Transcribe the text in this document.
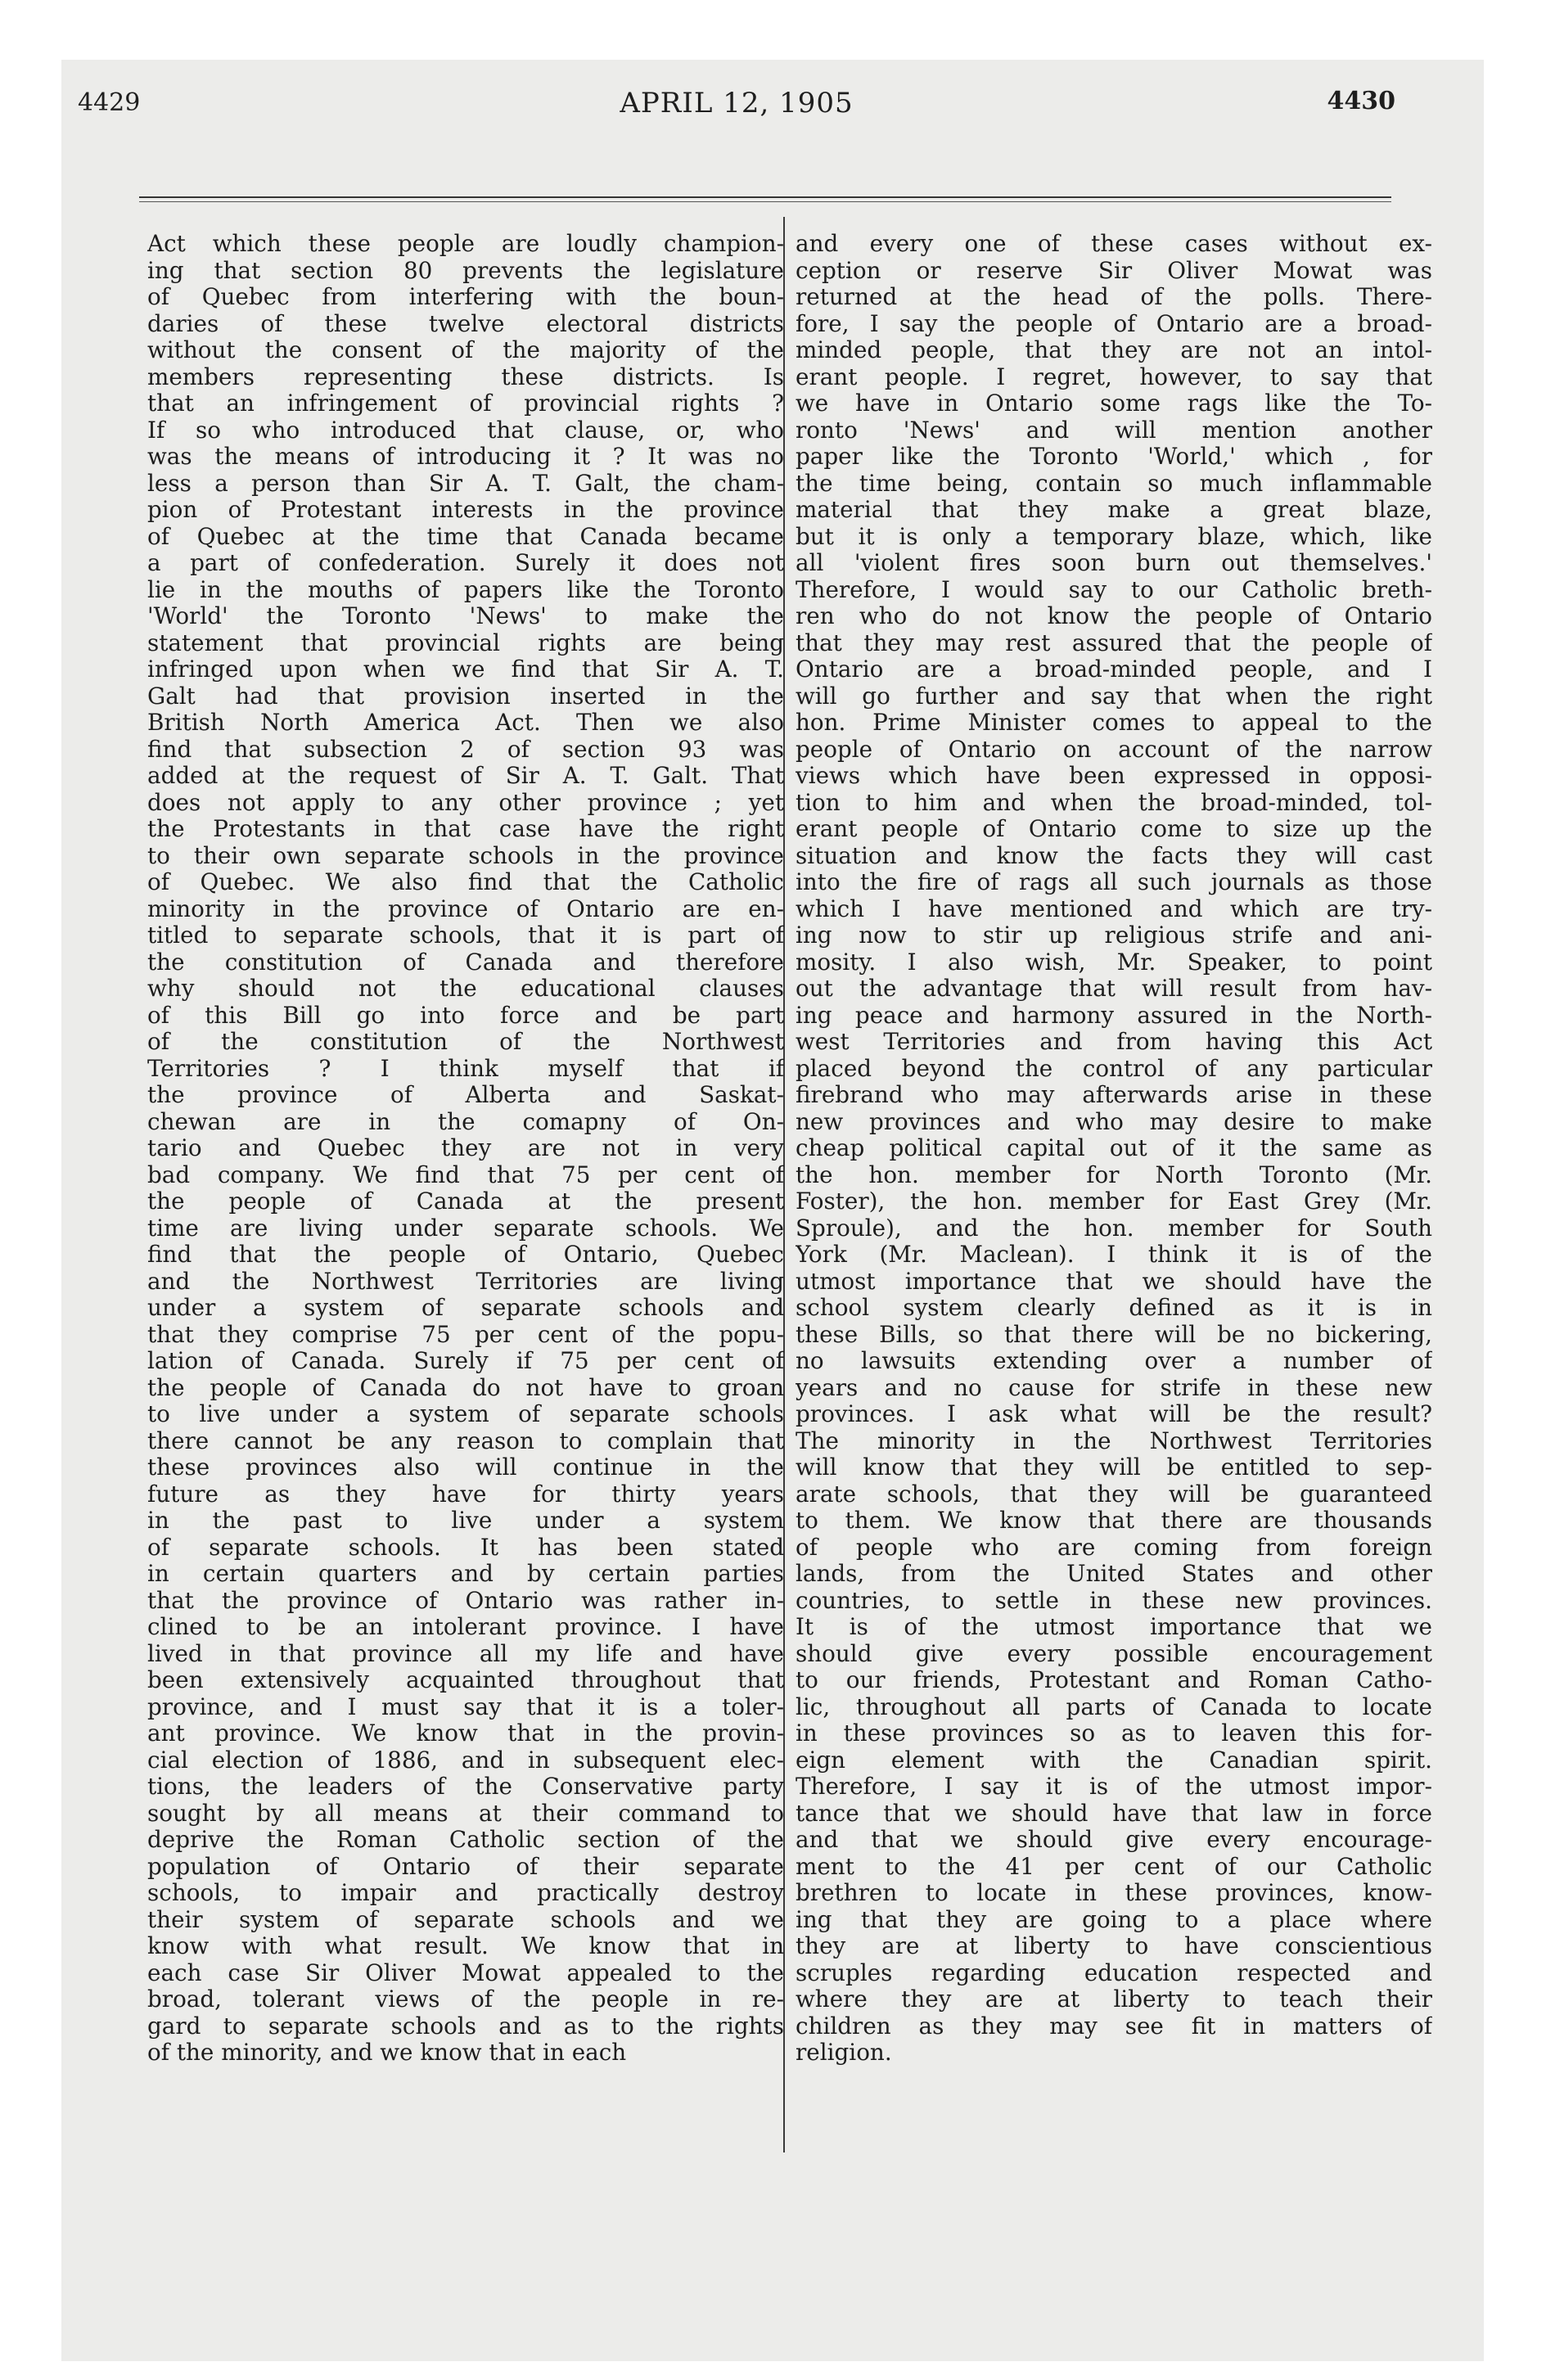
4429	APRIL 12, 1905	4430
Act which these people are loudly champion-
ing that section 80 prevents the legislature
of Quebec from interfering with the boun-
daries of these twelve electoral districts
without the consent of the majority of the
members representing these districts. Is
that an infringement of provincial rights ?
If so who introduced that clause, or, who
was the means of introducing it ? It was no
less a person than Sir A. T. Galt, the cham-
pion of Protestant interests in the province
of Quebec at the time that Canada became
a part of confederation. Surely it does not
lie in the mouths of papers like the Toronto
'World' the Toronto 'News' to make the
statement that provincial rights are being
infringed upon when we find that Sir A. T.
Galt had that provision inserted in the
British North America Act. Then we also
find that subsection 2 of section 93 was
added at the request of Sir A. T. Galt. That
does not apply to any other province ; yet
the Protestants in that case have the right
to their own separate schools in the province
of Quebec. We also find that the Catholic
minority in the province of Ontario are en-
titled to separate schools, that it is part of
the constitution of Canada and therefore
why should not the educational clauses
of this Bill go into force and be part
of the constitution of the Northwest
Territories ? I think myself that if
the province of Alberta and Saskat-
chewan are in the comapny of On-
tario and Quebec they are not in very
bad company. We find that 75 per cent of
the people of Canada at the present
time are living under separate schools. We
find that the people of Ontario, Quebec
and the Northwest Territories are living
under a system of separate schools and
that they comprise 75 per cent of the popu-
lation of Canada. Surely if 75 per cent of
the people of Canada do not have to groan
to live under a system of separate schools
there cannot be any reason to complain that
these provinces also will continue in the
future as they have for thirty years
in the past to live under a system
of separate schools. It has been stated
in certain quarters and by certain parties
that the province of Ontario was rather in-
clined to be an intolerant province. I have
lived in that province all my life and have
been extensively acquainted throughout that
province, and I must say that it is a toler-
ant province. We know that in the provin-
cial election of 1886, and in subsequent elec-
tions, the leaders of the Conservative party
sought by all means at their command to
deprive the Roman Catholic section of the
population of Ontario of their separate
schools, to impair and practically destroy
their system of separate schools and we
know with what result. We know that in
each case Sir Oliver Mowat appealed to the
broad, tolerant views of the people in re-
gard to separate schools and as to the rights
of the minority, and we know that in each
and every one of these cases without ex-
ception or reserve Sir Oliver Mowat was
returned at the head of the polls. There-
fore, I say the people of Ontario are a broad-
minded people, that they are not an intol-
erant people. I regret, however, to say that
we have in Ontario some rags like the To-
ronto 'News' and will mention another
paper like the Toronto 'World,' which , for
the time being, contain so much inflammable
material that they make a great blaze,
but it is only a temporary blaze, which, like
all 'violent fires soon burn out themselves.'
Therefore, I would say to our Catholic breth-
ren who do not know the people of Ontario
that they may rest assured that the people of
Ontario are a broad-minded people, and I
will go further and say that when the right
hon. Prime Minister comes to appeal to the
people of Ontario on account of the narrow
views which have been expressed in opposi-
tion to him and when the broad-minded, tol-
erant people of Ontario come to size up the
situation and know the facts they will cast
into the fire of rags all such journals as those
which I have mentioned and which are try-
ing now to stir up religious strife and ani-
mosity. I also wish, Mr. Speaker, to point
out the advantage that will result from hav-
ing peace and harmony assured in the North-
west Territories and from having this Act
placed beyond the control of any particular
firebrand who may afterwards arise in these
new provinces and who may desire to make
cheap political capital out of it the same as
the hon. member for North Toronto (Mr.
Foster), the hon. member for East Grey (Mr.
Sproule), and the hon. member for South
York (Mr. Maclean). I think it is of the
utmost importance that we should have the
school system clearly defined as it is in
these Bills, so that there will be no bickering,
no lawsuits extending over a number of
years and no cause for strife in these new
provinces. I ask what will be the result?
The minority in the Northwest Territories
will know that they will be entitled to sep-
arate schools, that they will be guaranteed
to them. We know that there are thousands
of people who are coming from foreign
lands, from the United States and other
countries, to settle in these new provinces.
It is of the utmost importance that we
should give every possible encouragement
to our friends, Protestant and Roman Catho-
lic, throughout all parts of Canada to locate
in these provinces so as to leaven this for-
eign element with the Canadian spirit.
Therefore, I say it is of the utmost impor-
tance that we should have that law in force
and that we should give every encourage-
ment to the 41 per cent of our Catholic
brethren to locate in these provinces, know-
ing that they are going to a place where
they are at liberty to have conscientious
scruples regarding education respected and
where they are at liberty to teach their
children as they may see fit in matters of
religion.
